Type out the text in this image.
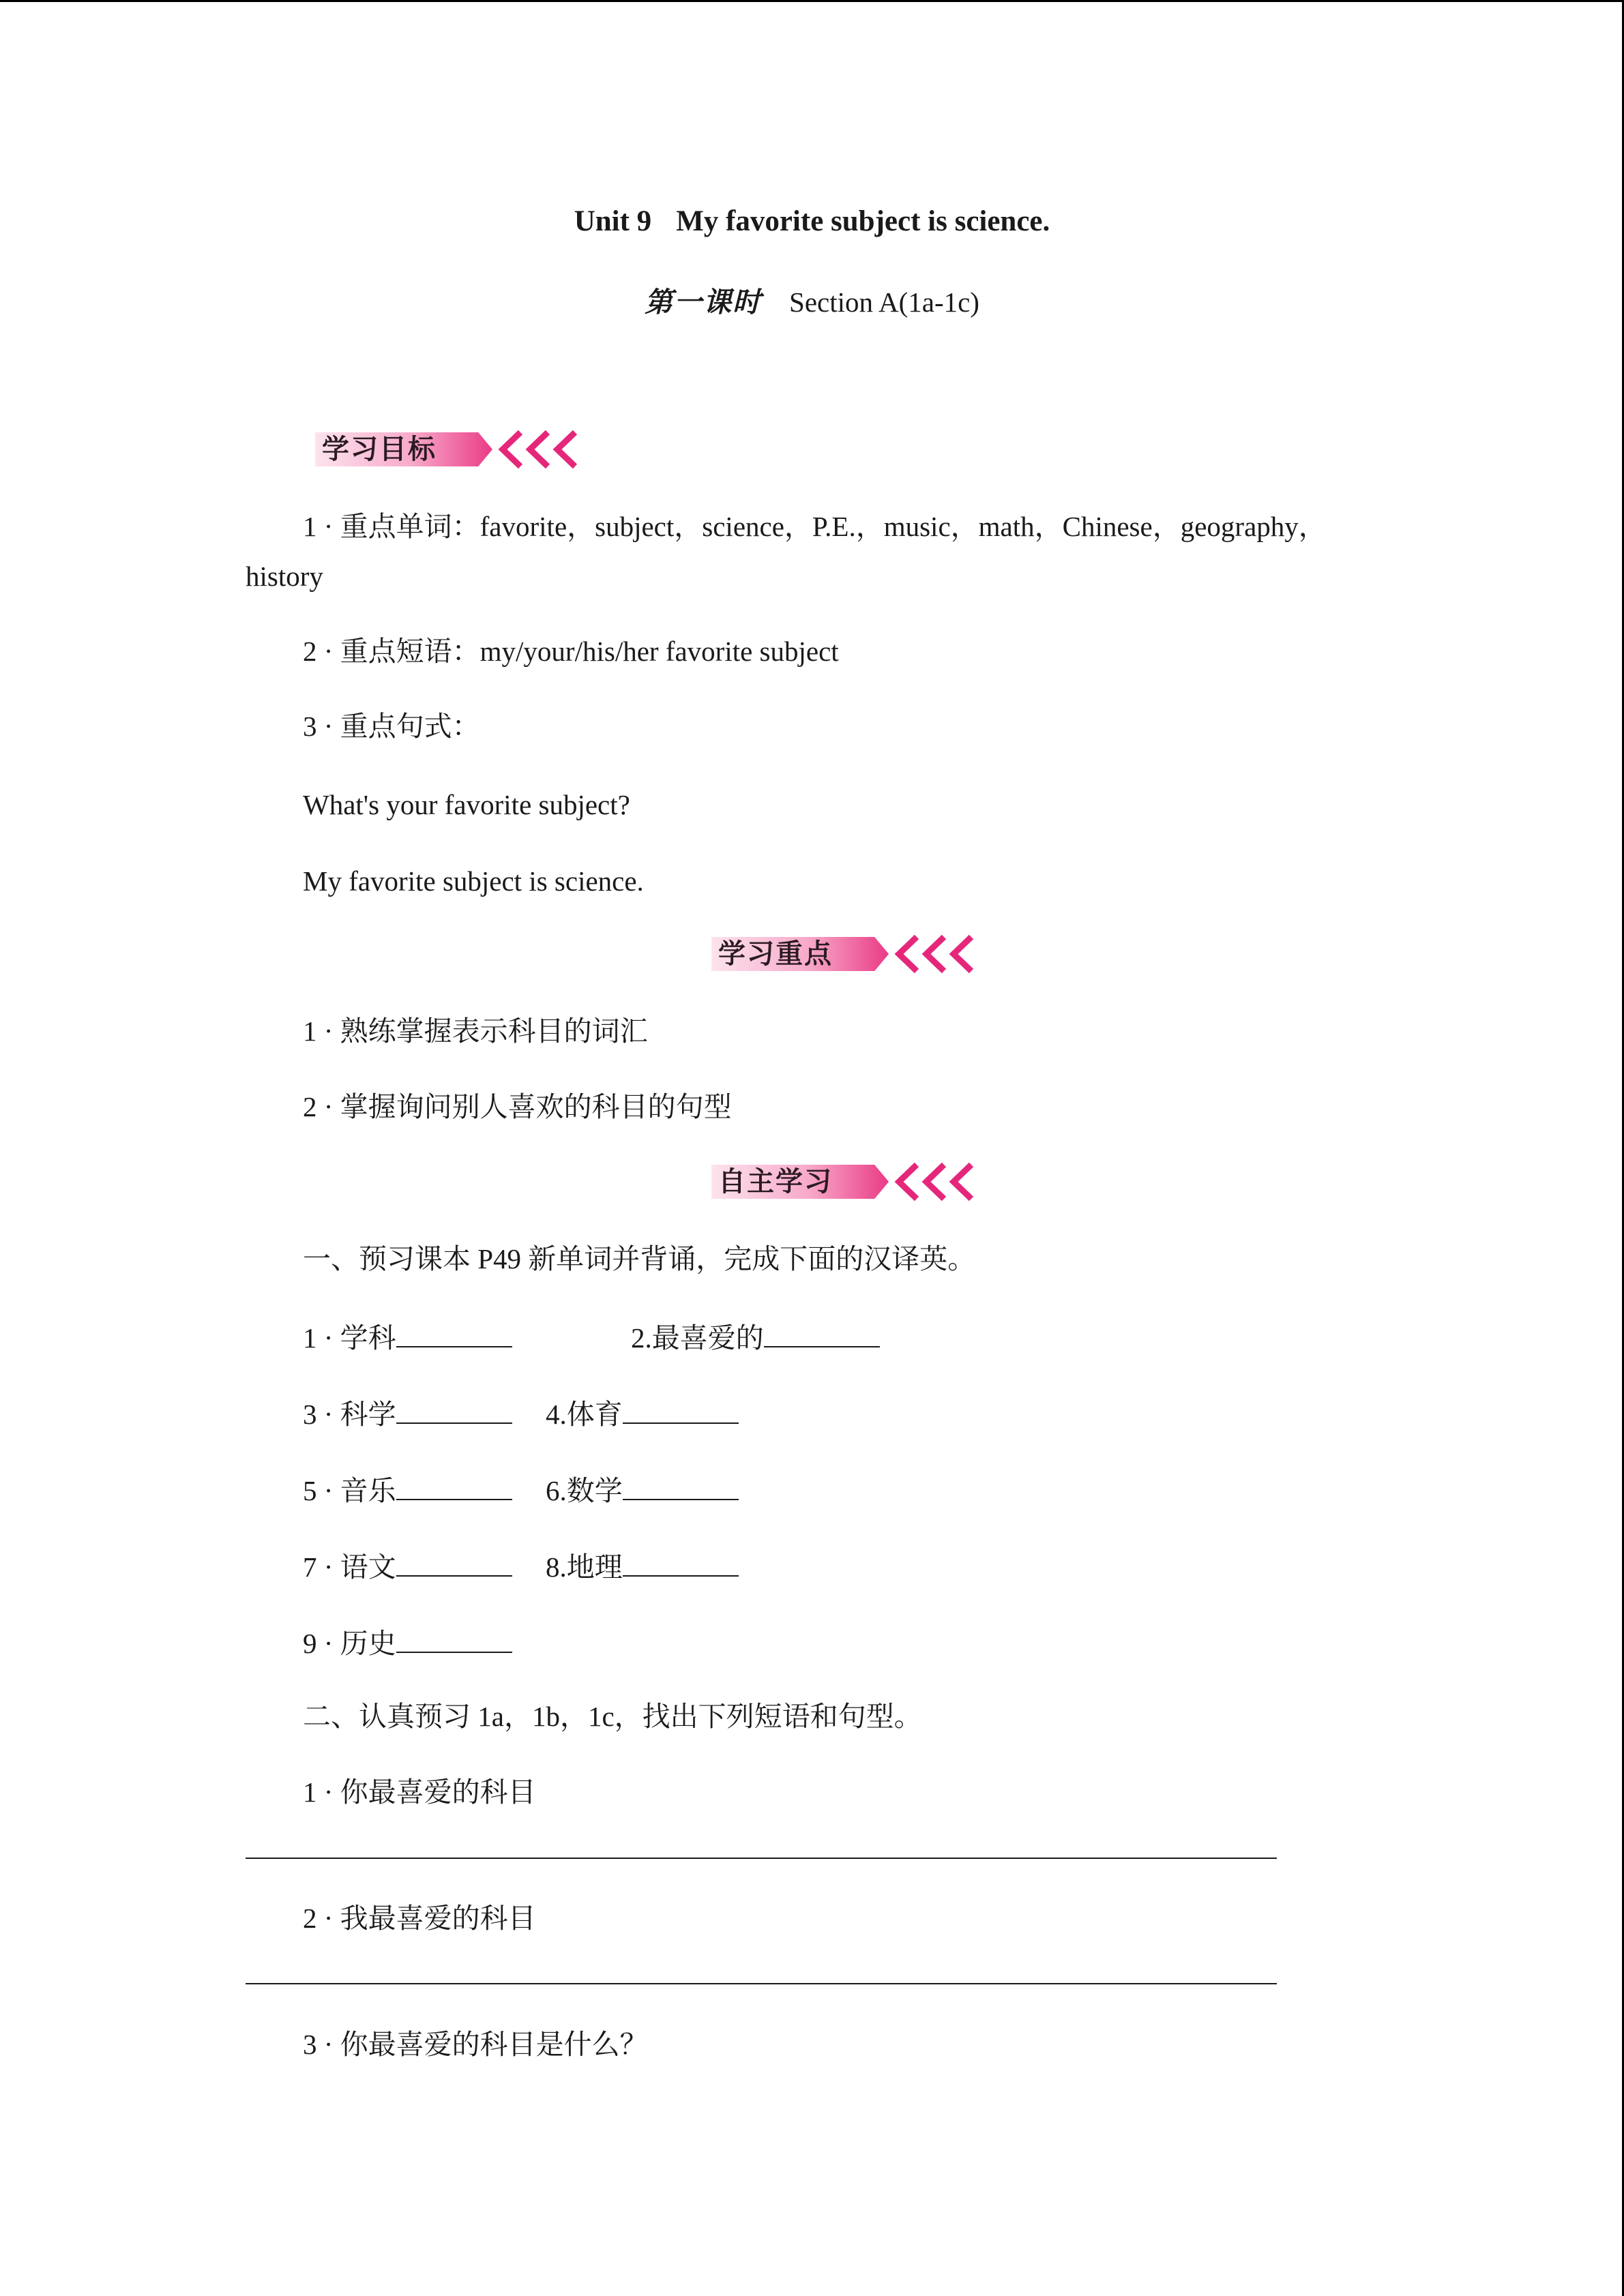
Unit 9 My favorite subject is science.
第一课时 Section A(1a-1c)
学习目标
1 · 重点单词：favorite，subject，science，P.E.，music，math，Chinese，geography，
history
2 · 重点短语：my/your/his/her favorite subject
3 · 重点句式：
What's your favorite subject?
My favorite subject is science.
学习重点
1 · 熟练掌握表示科目的词汇
2 · 掌握询问别人喜欢的科目的句型
自主学习
一、预习课本 P49 新单词并背诵，完成下面的汉译英。
1 · 学科	2.最喜爱的
3 · 科学	4.体育
5 · 音乐	6.数学
7 · 语文	8.地理
9 · 历史
二、认真预习 1a，1b，1c，找出下列短语和句型。
1 · 你最喜爱的科目
2 · 我最喜爱的科目
3 · 你最喜爱的科目是什么？
